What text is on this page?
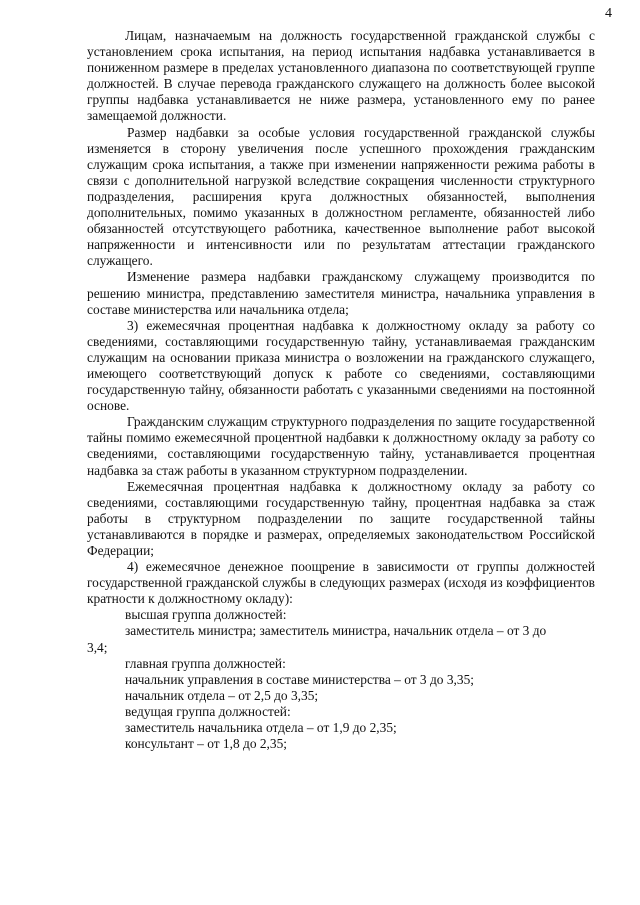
4

Лицам, назначаемым на должность государственной гражданской службы с установлением срока испытания, на период испытания надбавка устанавливается в пониженном размере в пределах установленного диапазона по соответствующей группе должностей. В случае перевода гражданского служащего на должность более высокой группы надбавка устанавливается не ниже размера, установленного ему по ранее замещаемой должности.

Размер надбавки за особые условия государственной гражданской службы изменяется в сторону увеличения после успешного прохождения гражданским служащим срока испытания, а также при изменении напряженности режима работы в связи с дополнительной нагрузкой вследствие сокращения численности структурного подразделения, расширения круга должностных обязанностей, выполнения дополнительных, помимо указанных в должностном регламенте, обязанностей либо обязанностей отсутствующего работника, качественное выполнение работ высокой напряженности и интенсивности или по результатам аттестации гражданского служащего.

Изменение размера надбавки гражданскому служащему производится по решению министра, представлению заместителя министра, начальника управления в составе министерства или начальника отдела;

3) ежемесячная процентная надбавка к должностному окладу за работу со сведениями, составляющими государственную тайну, устанавливаемая гражданским служащим на основании приказа министра о возложении на гражданского служащего, имеющего соответствующий допуск к работе со сведениями, составляющими государственную тайну, обязанности работать с указанными сведениями на постоянной основе.

Гражданским служащим структурного подразделения по защите государственной тайны помимо ежемесячной процентной надбавки к должностному окладу за работу со сведениями, составляющими государственную тайну, устанавливается процентная надбавка за стаж работы в указанном структурном подразделении.

Ежемесячная процентная надбавка к должностному окладу за работу со сведениями, составляющими государственную тайну, процентная надбавка за стаж работы в структурном подразделении по защите государственной тайны устанавливаются в порядке и размерах, определяемых законодательством Российской Федерации;

4) ежемесячное денежное поощрение в зависимости от группы должностей государственной гражданской службы в следующих размерах (исходя из коэффициентов кратности к должностному окладу):

высшая группа должностей:

заместитель министра; заместитель министра, начальник отдела – от 3 до

3,4;

главная группа должностей:

начальник управления в составе министерства – от 3 до 3,35;

начальник отдела – от 2,5 до 3,35;

ведущая группа должностей:

заместитель начальника отдела – от 1,9 до 2,35;

консультант – от 1,8 до 2,35;
